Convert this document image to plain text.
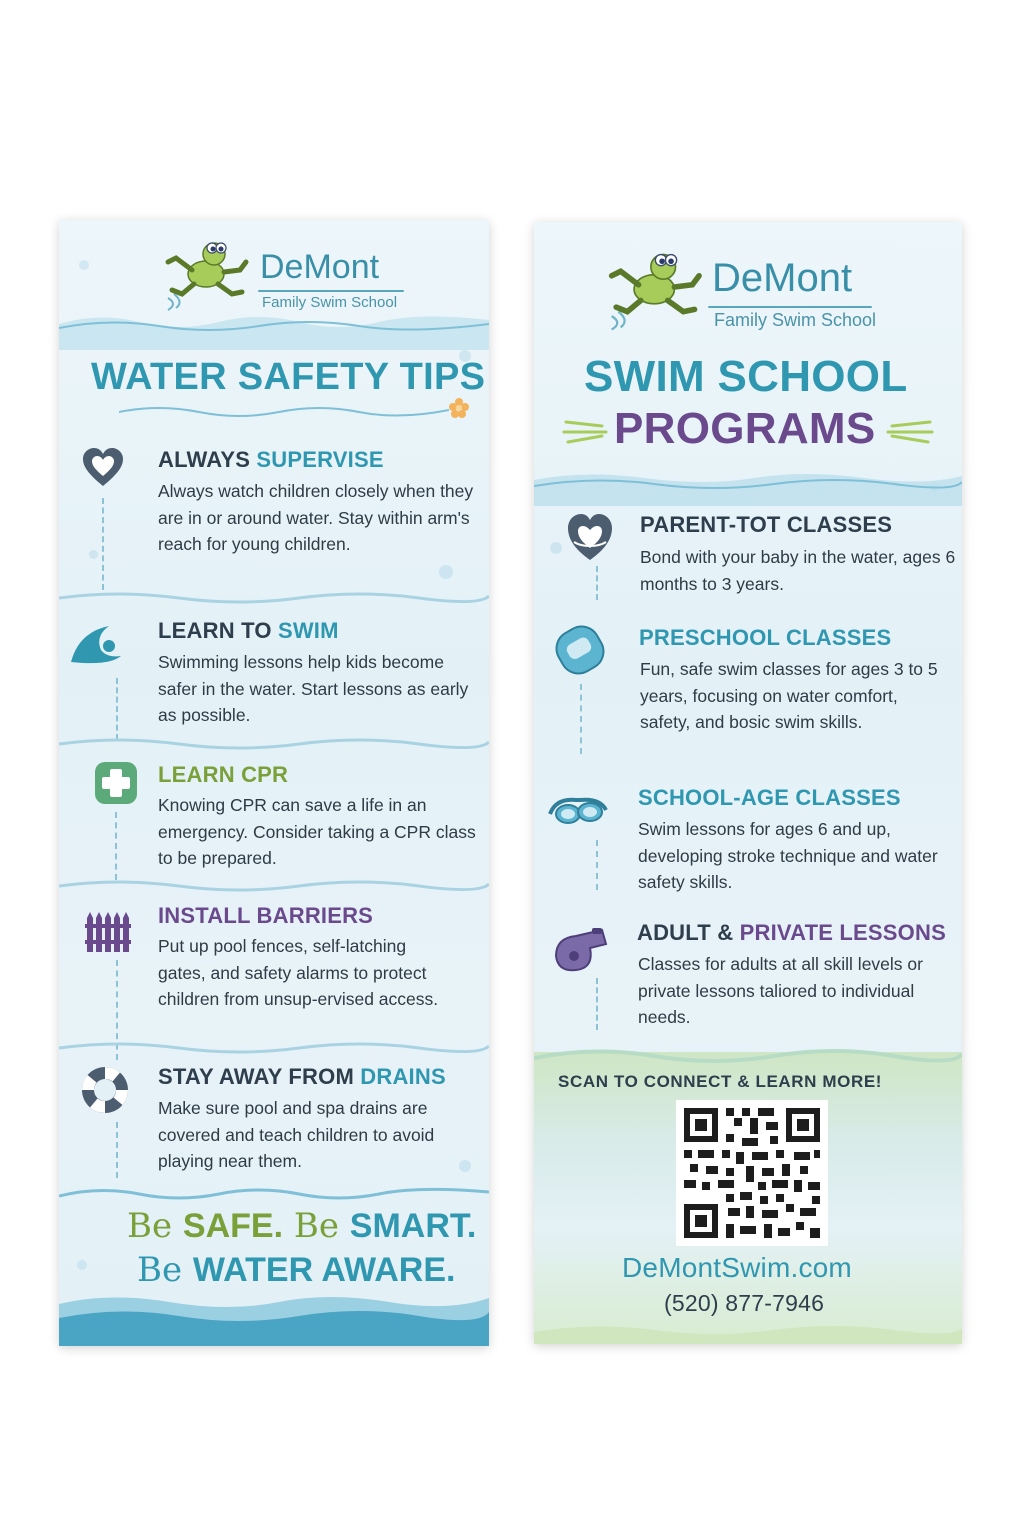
DeMont
Family Swim School
WATER SAFETY TIPS
ALWAYS SUPERVISE
Always watch children closely when they are in or around water. Stay within arm's reach for young children.
LEARN TO SWIM
Swimming lessons help kids become safer in the water. Start lessons as early as possible.
LEARN CPR
Knowing CPR can save a life in an emergency. Consider taking a CPR class to be prepared.
INSTALL BARRIERS
Put up pool fences, self-latching gates, and safety alarms to protect children from unsup-ervised access.
STAY AWAY FROM DRAINS
Make sure pool and spa drains are covered and teach children to avoid playing near them.
Be SAFE. Be SMART.
Be WATER AWARE.
DeMont
Family Swim School
SWIM SCHOOL
PROGRAMS
PARENT-TOT CLASSES
Bond with your baby in the water, ages 6 months to 3 years.
PRESCHOOL CLASSES
Fun, safe swim classes for ages 3 to 5 years, focusing on water comfort, safety, and bosic swim skills.
SCHOOL-AGE CLASSES
Swim lessons for ages 6 and up, developing stroke technique and water safety skills.
ADULT & PRIVATE LESSONS
Classes for adults at all skill levels or private lessons taliored to individual needs.
SCAN TO CONNECT & LEARN MORE!
DeMontSwim.com
(520) 877-7946
